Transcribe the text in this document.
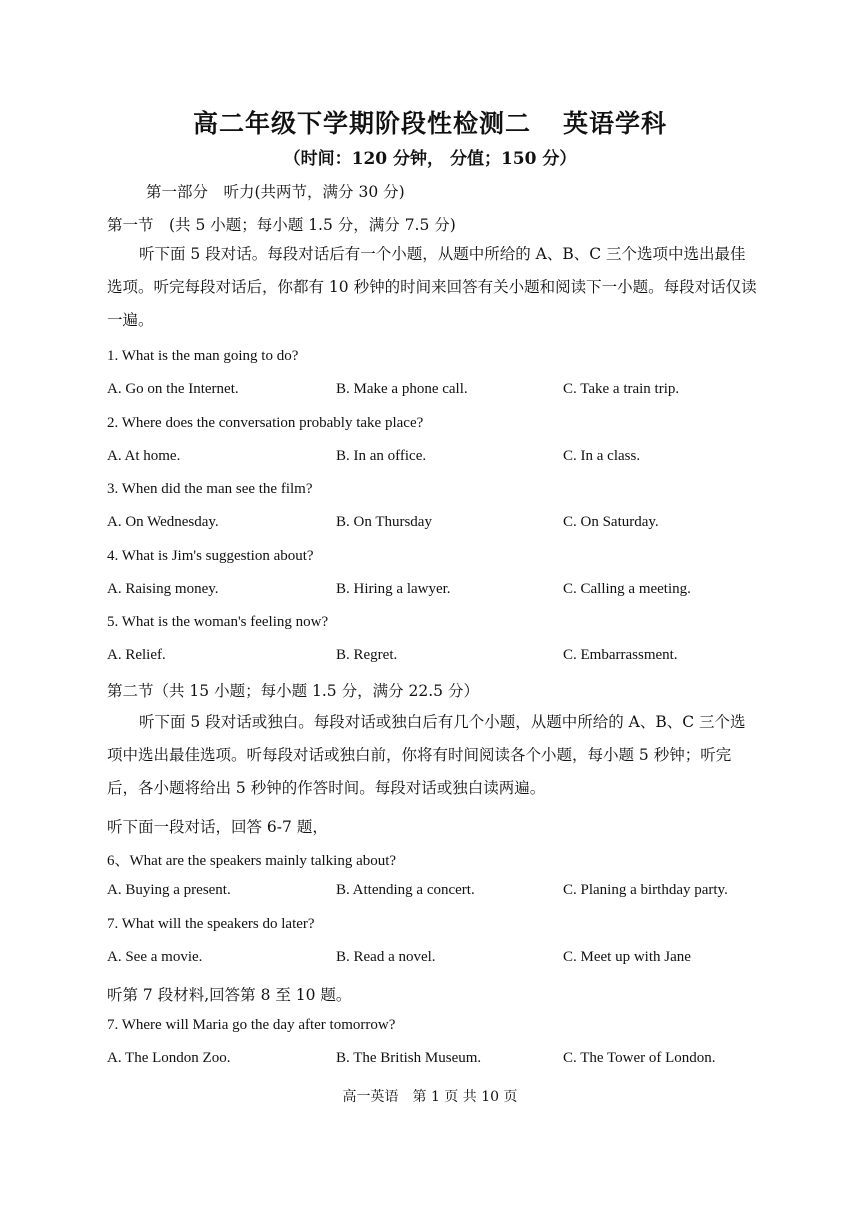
高二年级下学期阶段性检测二 英语学科
（时间：120 分钟， 分值；150 分）
第一部分　听力(共两节，满分 30 分)
第一节　(共 5 小题；每小题 1.5 分，满分 7.5 分)
听下面 5 段对话。每段对话后有一个小题，从题中所给的 A、B、C 三个选项中选出最佳选项。听完每段对话后，你都有 10 秒钟的时间来回答有关小题和阅读下一小题。每段对话仅读一遍。
1. What is the man going to do?
A. Go on the Internet.	B. Make a phone call.	C. Take a train trip.
2. Where does the conversation probably take place?
A. At home.	B. In an office.	C. In a class.
3. When did the man see the film?
A. On Wednesday.	B. On Thursday	C. On Saturday.
4. What is Jim's suggestion about?
A. Raising money.	B. Hiring a lawyer.	C. Calling a meeting.
5. What is the woman's feeling now?
A. Relief.	B. Regret.	C. Embarrassment.
第二节（共 15 小题；每小题 1.5 分，满分 22.5 分）
听下面 5 段对话或独白。每段对话或独白后有几个小题，从题中所给的 A、B、C 三个选项中选出最佳选项。听每段对话或独白前，你将有时间阅读各个小题，每小题 5 秒钟；听完后，各小题将给出 5 秒钟的作答时间。每段对话或独白读两遍。
听下面一段对话，回答 6-7 题，
6、What are the speakers mainly talking about?
A. Buying a present.	B. Attending a concert.	C. Planing a birthday party.
7. What will the speakers do later?
A. See a movie.	B. Read a novel.	C. Meet up with Jane
听第 7 段材料,回答第 8 至 10 题。
7. Where will Maria go the day after tomorrow?
A. The London Zoo.	B. The British Museum.	C. The Tower of London.
高一英语　第 1 页 共 10 页
